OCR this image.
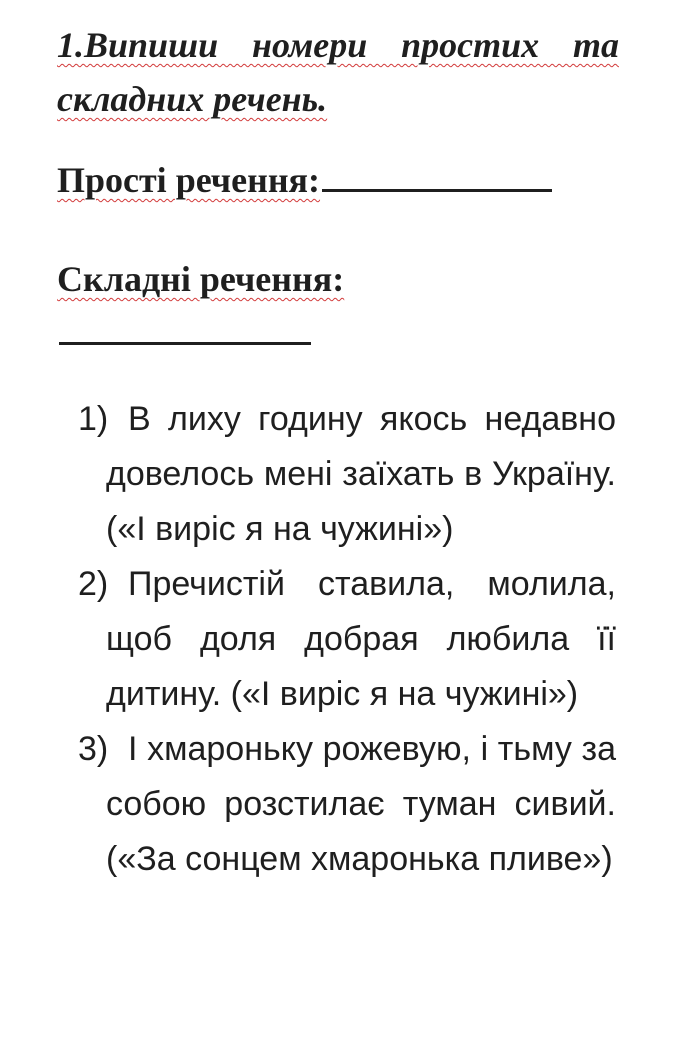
1.Випиши номери простих та складних речень.

Прості речення:

Складні речення:

1) В лиху годину якось недавно довелось мені заїхать в Україну. («І виріс я на чужині»)
2) Пречистій ставила, молила, щоб доля добрая любила її дитину. («І виріс я на чужині»)
3) І хмароньку рожевую, і тьму за собою розстилає туман сивий. («За сонцем хмаронька пливе»)
